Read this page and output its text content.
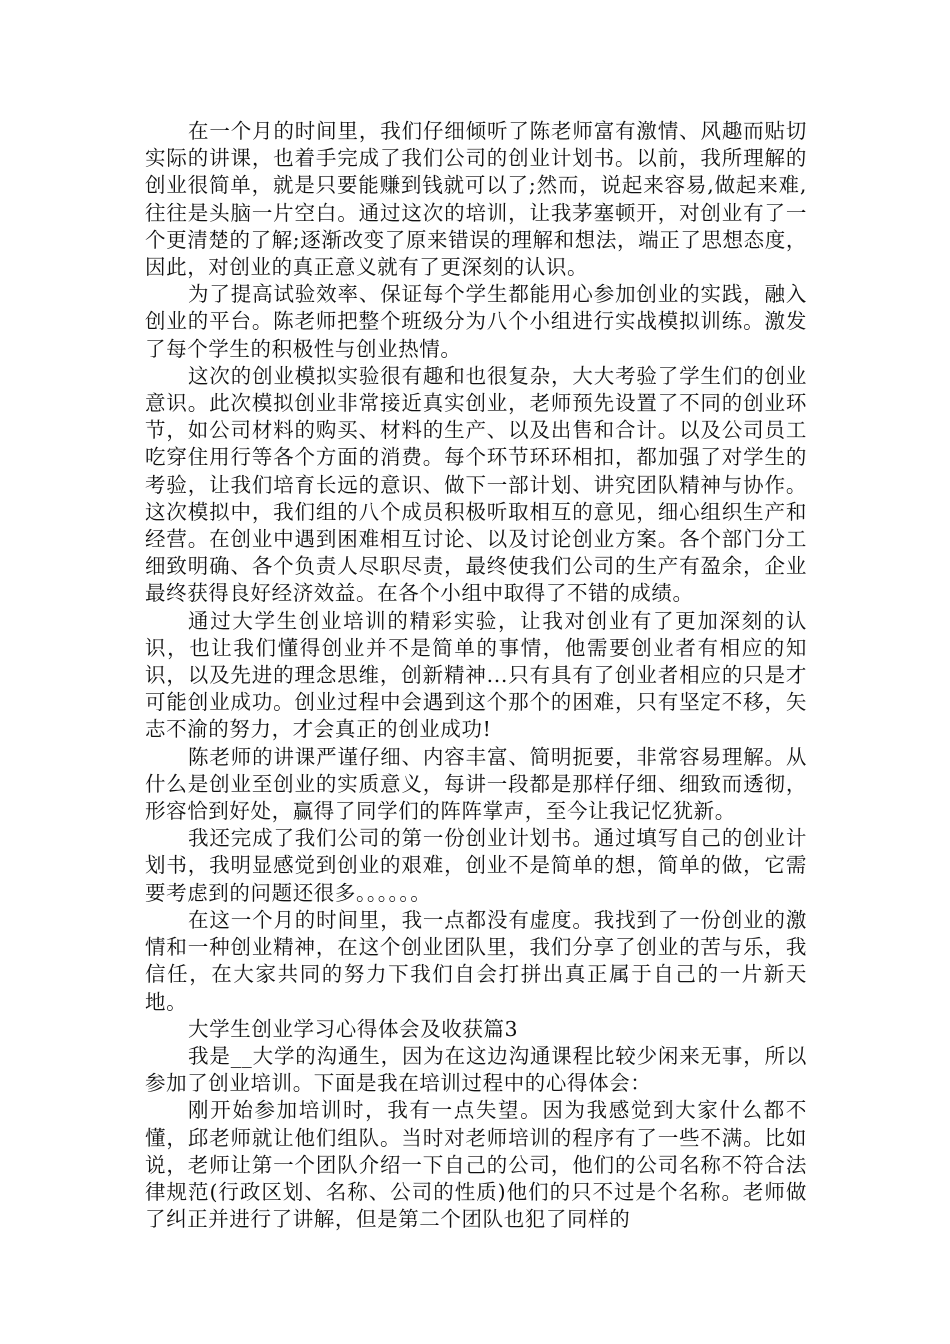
在一个月的时间里，我们仔细倾听了陈老师富有激情、风趣而贴切实际的讲课，也着手完成了我们公司的创业计划书。以前，我所理解的创业很简单，就是只要能赚到钱就可以了;然而，说起来容易,做起来难,往往是头脑一片空白。通过这次的培训，让我茅塞顿开，对创业有了一个更清楚的了解;逐渐改变了原来错误的理解和想法，端正了思想态度，因此，对创业的真正意义就有了更深刻的认识。

为了提高试验效率、保证每个学生都能用心参加创业的实践，融入创业的平台。陈老师把整个班级分为八个小组进行实战模拟训练。激发了每个学生的积极性与创业热情。

这次的创业模拟实验很有趣和也很复杂，大大考验了学生们的创业意识。此次模拟创业非常接近真实创业，老师预先设置了不同的创业环节，如公司材料的购买、材料的生产、以及出售和合计。以及公司员工吃穿住用行等各个方面的消费。每个环节环环相扣，都加强了对学生的考验，让我们培育长远的意识、做下一部计划、讲究团队精神与协作。这次模拟中，我们组的八个成员积极听取相互的意见，细心组织生产和经营。在创业中遇到困难相互讨论、以及讨论创业方案。各个部门分工细致明确、各个负责人尽职尽责，最终使我们公司的生产有盈余，企业最终获得良好经济效益。在各个小组中取得了不错的成绩。

通过大学生创业培训的精彩实验，让我对创业有了更加深刻的认识，也让我们懂得创业并不是简单的事情，他需要创业者有相应的知识，以及先进的理念思维，创新精神...只有具有了创业者相应的只是才可能创业成功。创业过程中会遇到这个那个的困难，只有坚定不移，矢志不渝的努力，才会真正的创业成功!

陈老师的讲课严谨仔细、内容丰富、简明扼要，非常容易理解。从什么是创业至创业的实质意义，每讲一段都是那样仔细、细致而透彻，形容恰到好处，赢得了同学们的阵阵掌声，至今让我记忆犹新。

我还完成了我们公司的第一份创业计划书。通过填写自己的创业计划书，我明显感觉到创业的艰难，创业不是简单的想，简单的做，它需要考虑到的问题还很多。。。。。。

在这一个月的时间里，我一点都没有虚度。我找到了一份创业的激情和一种创业精神，在这个创业团队里，我们分享了创业的苦与乐，我信任，在大家共同的努力下我们自会打拼出真正属于自己的一片新天地。

大学生创业学习心得体会及收获篇3

我是__大学的沟通生，因为在这边沟通课程比较少闲来无事，所以参加了创业培训。下面是我在培训过程中的心得体会：

刚开始参加培训时，我有一点失望。因为我感觉到大家什么都不懂，邱老师就让他们组队。当时对老师培训的程序有了一些不满。比如说，老师让第一个团队介绍一下自己的公司，他们的公司名称不符合法律规范(行政区划、名称、公司的性质)他们的只不过是个名称。老师做了纠正并进行了讲解，但是第二个团队也犯了同样的
